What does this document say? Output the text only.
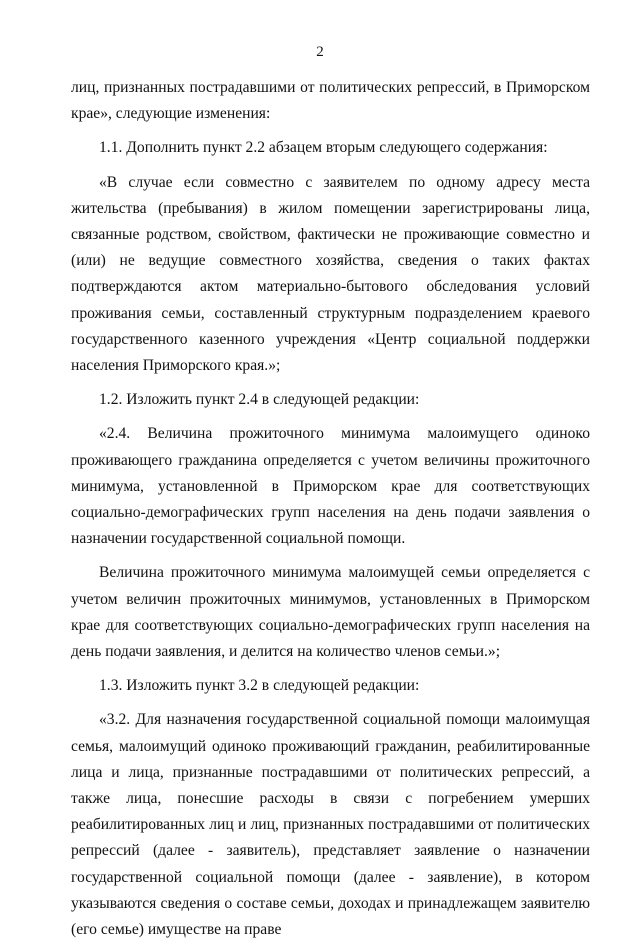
2

лиц, признанных пострадавшими от политических репрессий, в Приморском крае», следующие изменения:

1.1. Дополнить пункт 2.2 абзацем вторым следующего содержания:

«В случае если совместно с заявителем по одному адресу места жительства (пребывания) в жилом помещении зарегистрированы лица, связанные родством, свойством, фактически не проживающие совместно и (или) не ведущие совместного хозяйства, сведения о таких фактах подтверждаются актом материально-бытового обследования условий проживания семьи, составленный структурным подразделением краевого государственного казенного учреждения «Центр социальной поддержки населения Приморского края.»;

1.2. Изложить пункт 2.4 в следующей редакции:

«2.4. Величина прожиточного минимума малоимущего одиноко проживающего гражданина определяется с учетом величины прожиточного минимума, установленной в Приморском крае для соответствующих социально-демографических групп населения на день подачи заявления о назначении государственной социальной помощи.

Величина прожиточного минимума малоимущей семьи определяется с учетом величин прожиточных минимумов, установленных в Приморском крае для соответствующих социально-демографических групп населения на день подачи заявления, и делится на количество членов семьи.»;

1.3. Изложить пункт 3.2 в следующей редакции:

«3.2. Для назначения государственной социальной помощи малоимущая семья, малоимущий одиноко проживающий гражданин, реабилитированные лица и лица, признанные пострадавшими от политических репрессий, а также лица, понесшие расходы в связи с погребением умерших реабилитированных лиц и лиц, признанных пострадавшими от политических репрессий (далее - заявитель), представляет заявление о назначении государственной социальной помощи (далее - заявление), в котором указываются сведения о составе семьи, доходах и принадлежащем заявителю (его семье) имуществе на праве
